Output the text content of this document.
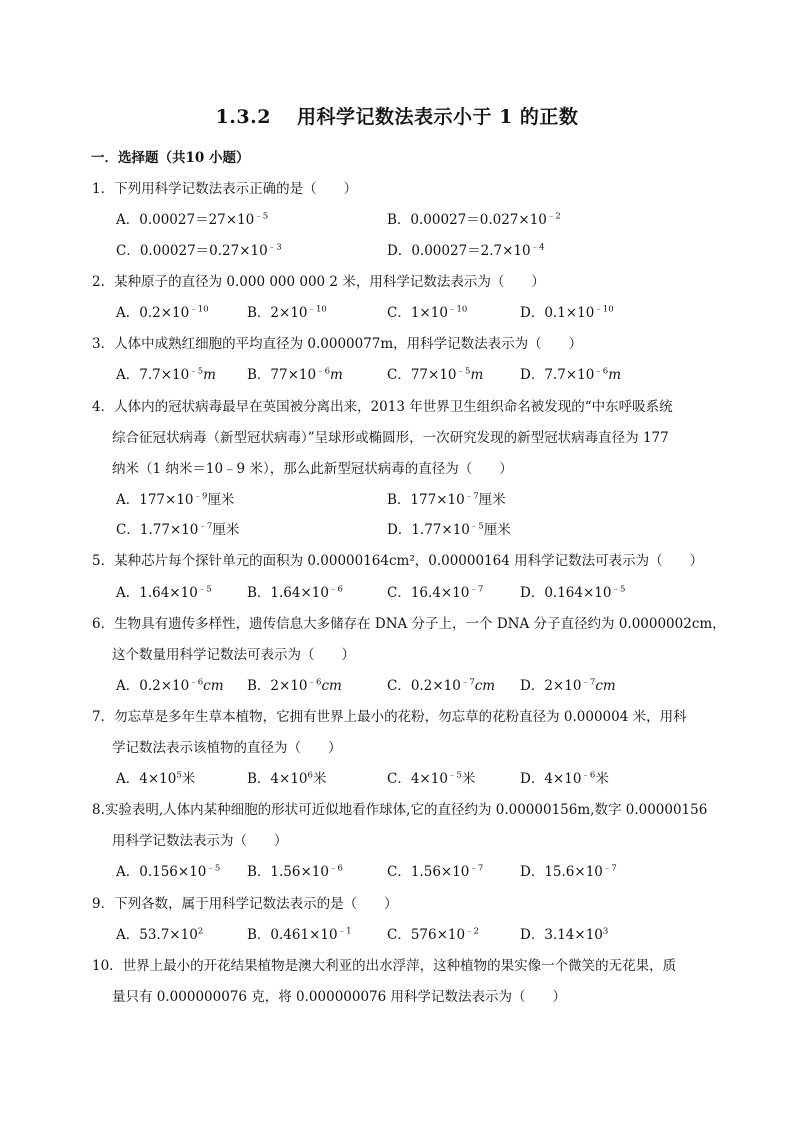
1.3.2 用科学记数法表示小于 1 的正数
一．选择题（共10 小题）
1．下列用科学记数法表示正确的是（　　）
A．$0.00027=27\times 10^{﹣5}$	B．$0.00027=0.027\times 10^{﹣2}$
C．$0.00027=0.27\times 10^{﹣3}$	D．$0.00027=2.7\times 10^{﹣4}$
2．某种原子的直径为 0.000 000 000 2 米，用科学记数法表示为（　　）
A．$0.2\times 10^{﹣10}$	B．$2\times 10^{﹣10}$	C．$1\times 10^{﹣10}$	D．$0.1\times 10^{﹣10}$
3．人体中成熟红细胞的平均直径为 0.0000077m，用科学记数法表示为（　　）
A．$7.7\times 10^{﹣5}m$ B．$77\times 10^{﹣6}m$	C．$77\times 10^{﹣5}m$	D．$7.7\times 10^{﹣6}m$
4．人体内的冠状病毒最早在英国被分离出来，2013 年世界卫生组织命名被发现的“中东呼吸系统
综合征冠状病毒（新型冠状病毒）”呈球形或椭圆形，一次研究发现的新型冠状病毒直径为 177
纳米（1 纳米＝10﹣9 米），那么此新型冠状病毒的直径为（　　）
A．$177\times 10^{﹣9}$厘米	B．$177\times 10^{﹣7}$厘米
C．$1.77\times 10^{﹣7}$厘米	D．$1.77\times 10^{﹣5}$厘米
5．某种芯片每个探针单元的面积为 0.00000164cm²，0.00000164 用科学记数法可表示为（　　）
A．$1.64\times 10^{﹣5}$	B．$1.64\times 10^{﹣6}$	C．$16.4\times 10^{﹣7}$	D．$0.164\times 10^{﹣5}$
6．生物具有遗传多样性，遗传信息大多储存在 DNA 分子上，一个 DNA 分子直径约为 0.0000002cm，
这个数量用科学记数法可表示为（　　）
A．$0.2\times 10^{﹣6}cm$ B．$2\times 10^{﹣6}cm$	C．$0.2\times 10^{﹣7}cm$ D．$2\times 10^{﹣7}cm$
7．勿忘草是多年生草本植物，它拥有世界上最小的花粉，勿忘草的花粉直径为 0.000004 米，用科
学记数法表示该植物的直径为（　　）
A．$4\times 10^5$米	B．$4\times 10^6$米	C．$4\times 10^{﹣5}$米	D．$4\times 10^{﹣6}$米
8.实验表明,人体内某种细胞的形状可近似地看作球体,它的直径约为 0.00000156m,数字 0.00000156
用科学记数法表示为（　　）
A．$0.156\times 10^{﹣5}$ B．$1.56\times 10^{﹣6}$	C．$1.56\times 10^{﹣7}$	D．$15.6\times 10^{﹣7}$
9．下列各数，属于用科学记数法表示的是（　　）
A．$53.7\times 10^2$	B．$0.461\times 10^{﹣1}$	C．$576\times 10^{﹣2}$	D．$3.14\times 10^3$
10．世界上最小的开花结果植物是澳大利亚的出水浮萍，这种植物的果实像一个微笑的无花果，质
量只有 0.000000076 克，将 0.000000076 用科学记数法表示为（　　）
